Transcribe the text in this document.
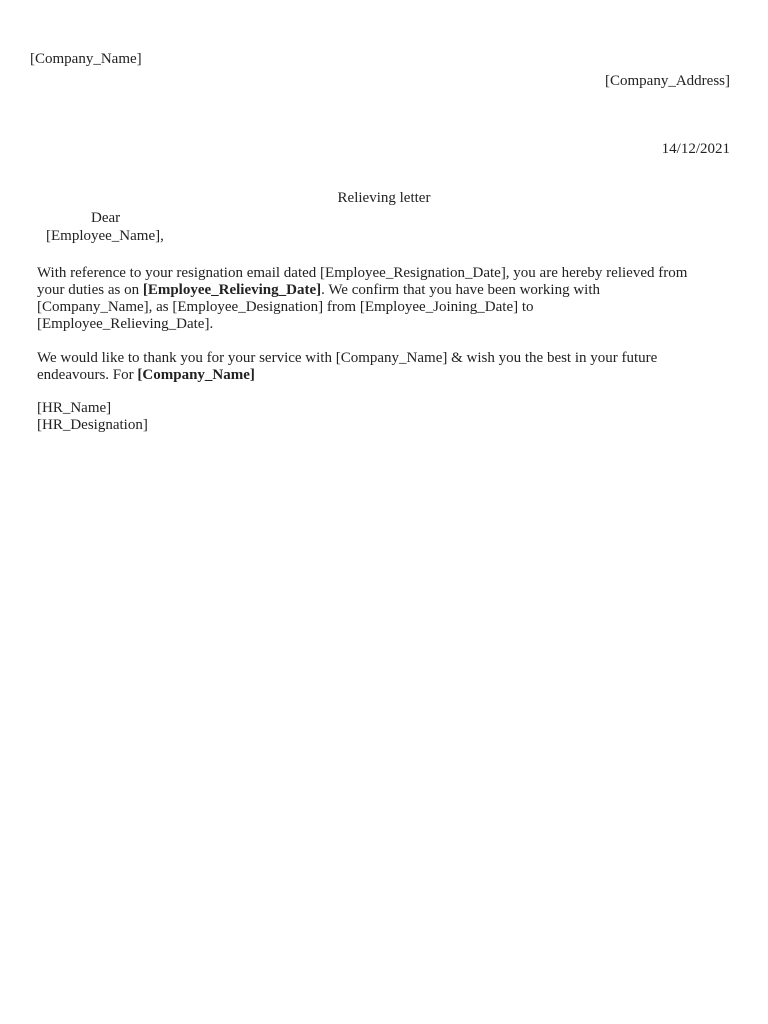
[Company_Name]
[Company_Address]
14/12/2021
Relieving letter
Dear
[Employee_Name],
With reference to your resignation email dated [Employee_Resignation_Date], you are hereby relieved from
your duties as on [Employee_Relieving_Date]. We confirm that you have been working with
[Company_Name], as [Employee_Designation] from [Employee_Joining_Date] to
[Employee_Relieving_Date].
We would like to thank you for your service with [Company_Name] & wish you the best in your future
endeavours. For [Company_Name]
[HR_Name]
[HR_Designation]
